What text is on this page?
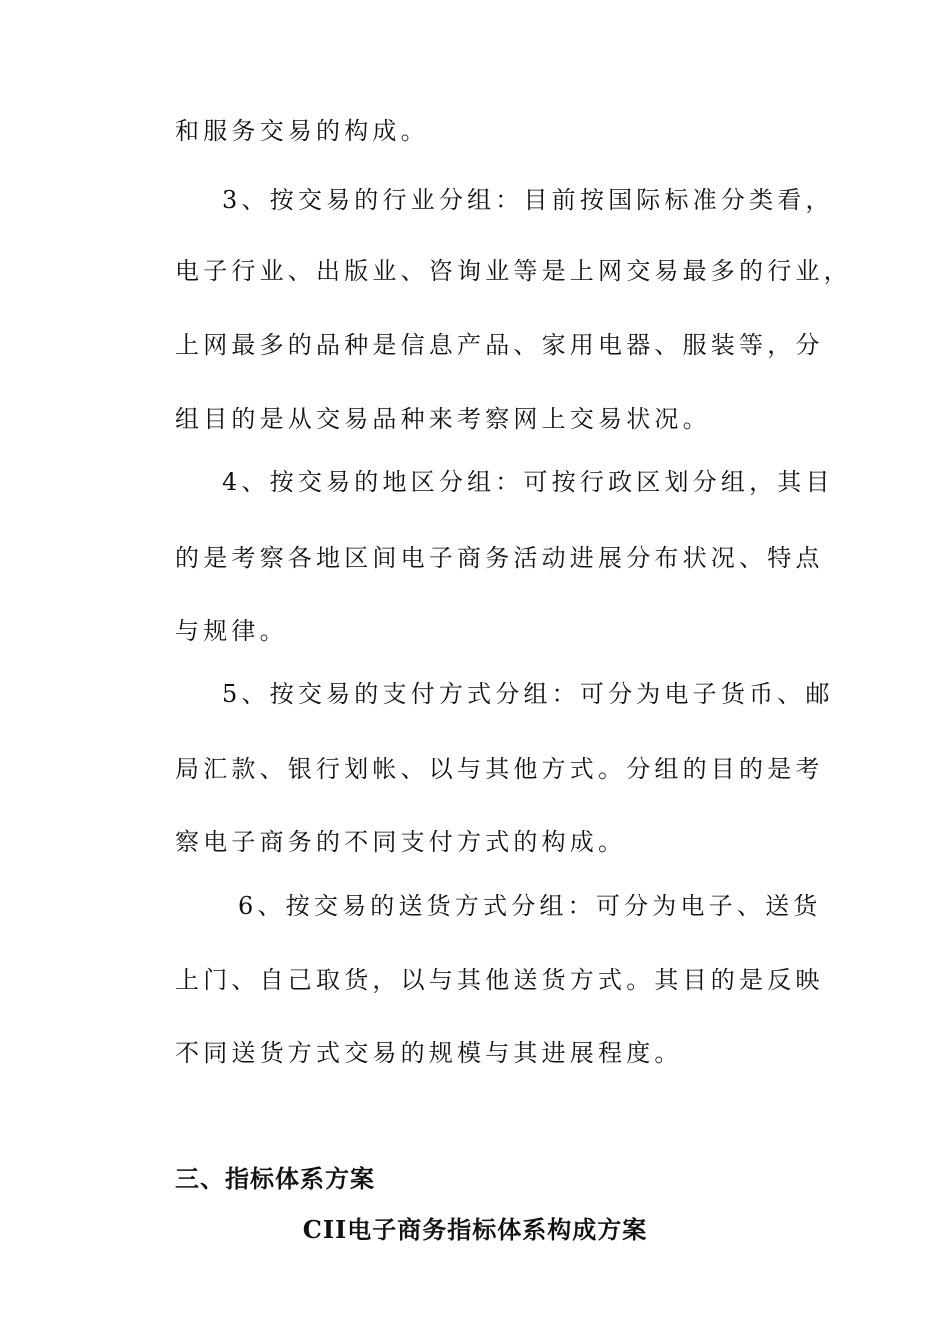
和服务交易的构成。
3、按交易的行业分组：目前按国际标准分类看，
电子行业、出版业、咨询业等是上网交易最多的行业，
上网最多的品种是信息产品、家用电器、服装等，分
组目的是从交易品种来考察网上交易状况。
4、按交易的地区分组：可按行政区划分组，其目
的是考察各地区间电子商务活动进展分布状况、特点
与规律。
5、按交易的支付方式分组：可分为电子货币、邮
局汇款、银行划帐、以与其他方式。分组的目的是考
察电子商务的不同支付方式的构成。
6、按交易的送货方式分组：可分为电子、送货
上门、自己取货，以与其他送货方式。其目的是反映
不同送货方式交易的规模与其进展程度。
三、指标体系方案
CII电子商务指标体系构成方案
